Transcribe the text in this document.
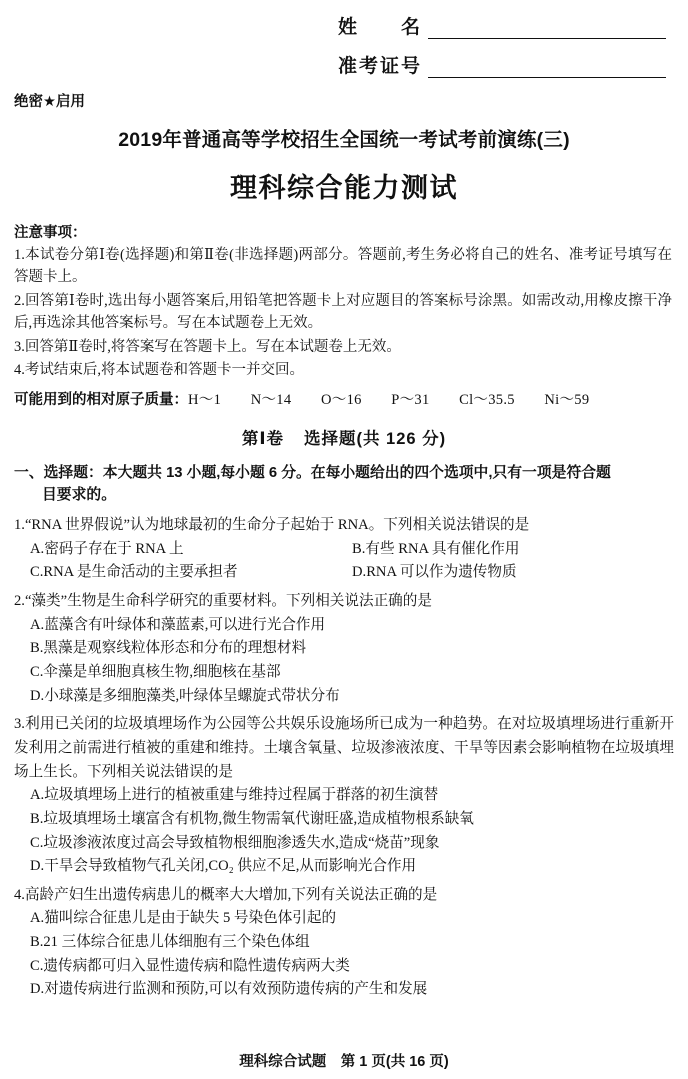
姓　　名
准考证号
绝密★启用
2019年普通高等学校招生全国统一考试考前演练(三)
理科综合能力测试
注意事项：

1.本试卷分第Ⅰ卷(选择题)和第Ⅱ卷(非选择题)两部分。答题前,考生务必将自己的姓名、准考证号填写在答题卡上。

2.回答第Ⅰ卷时,选出每小题答案后,用铅笔把答题卡上对应题目的答案标号涂黑。如需改动,用橡皮擦干净后,再选涂其他答案标号。写在本试题卷上无效。

3.回答第Ⅱ卷时,将答案写在答题卡上。写在本试题卷上无效。

4.考试结束后,将本试题卷和答题卡一并交回。

可能用到的相对原子质量：H～1　　N～14　　O～16　　P～31　　Cl～35.5　　Ni～59
第Ⅰ卷 选择题(共 126 分)
一、选择题：本大题共 13 小题,每小题 6 分。在每小题给出的四个选项中,只有一项是符合题
目要求的。
1.“RNA 世界假说”认为地球最初的生命分子起始于 RNA。下列相关说法错误的是
A.密码子存在于 RNA 上	B.有些 RNA 具有催化作用
C.RNA 是生命活动的主要承担者	D.RNA 可以作为遗传物质
2.“藻类”生物是生命科学研究的重要材料。下列相关说法正确的是
A.蓝藻含有叶绿体和藻蓝素,可以进行光合作用
B.黑藻是观察线粒体形态和分布的理想材料
C.伞藻是单细胞真核生物,细胞核在基部
D.小球藻是多细胞藻类,叶绿体呈螺旋式带状分布
3.利用已关闭的垃圾填埋场作为公园等公共娱乐设施场所已成为一种趋势。在对垃圾填埋场进行重新开发利用之前需进行植被的重建和维持。土壤含氧量、垃圾渗液浓度、干旱等因素会影响植物在垃圾填埋场上生长。下列相关说法错误的是
A.垃圾填埋场上进行的植被重建与维持过程属于群落的初生演替
B.垃圾填埋场土壤富含有机物,微生物需氧代谢旺盛,造成植物根系缺氧
C.垃圾渗液浓度过高会导致植物根细胞渗透失水,造成“烧苗”现象
D.干旱会导致植物气孔关闭,CO₂ 供应不足,从而影响光合作用
4.高龄产妇生出遗传病患儿的概率大大增加,下列有关说法正确的是
A.猫叫综合征患儿是由于缺失 5 号染色体引起的
B.21 三体综合征患儿体细胞有三个染色体组
C.遗传病都可归入显性遗传病和隐性遗传病两大类
D.对遗传病进行监测和预防,可以有效预防遗传病的产生和发展
理科综合试题　第 1 页(共 16 页)
